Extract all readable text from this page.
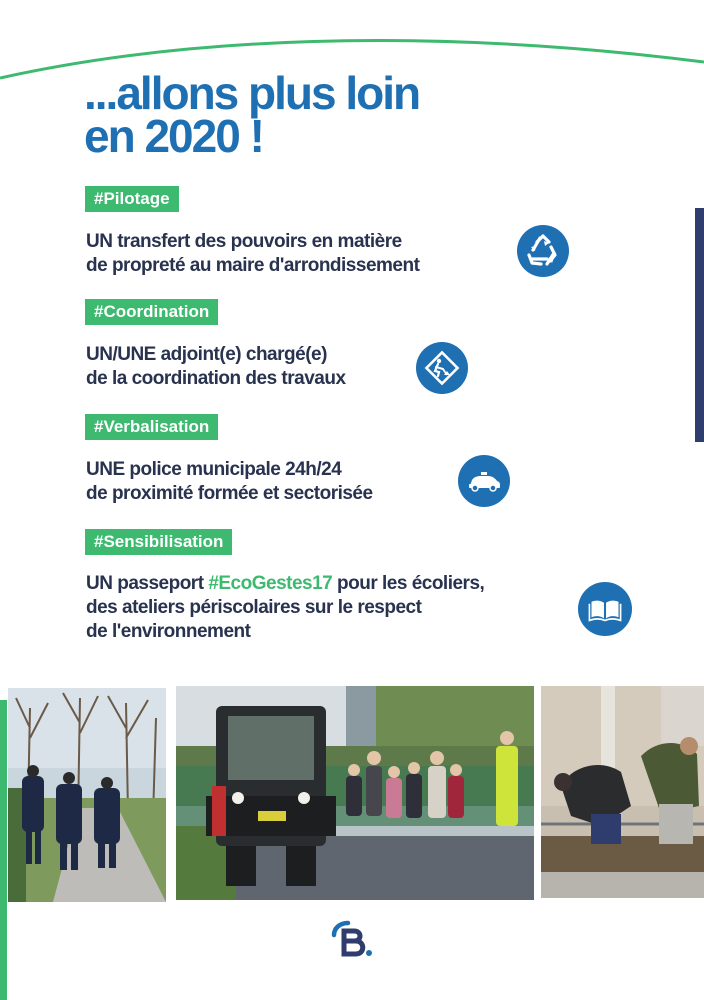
...allons plus loin
en 2020 !
#Pilotage
UN transfert des pouvoirs en matière
de propreté au maire d'arrondissement
#Coordination
UN/UNE adjoint(e) chargé(e)
de la coordination des travaux
#Verbalisation
UNE police municipale 24h/24
de proximité formée et sectorisée
#Sensibilisation
UN passeport #EcoGestes17 pour les écoliers,
des ateliers périscolaires sur le respect
de l'environnement
